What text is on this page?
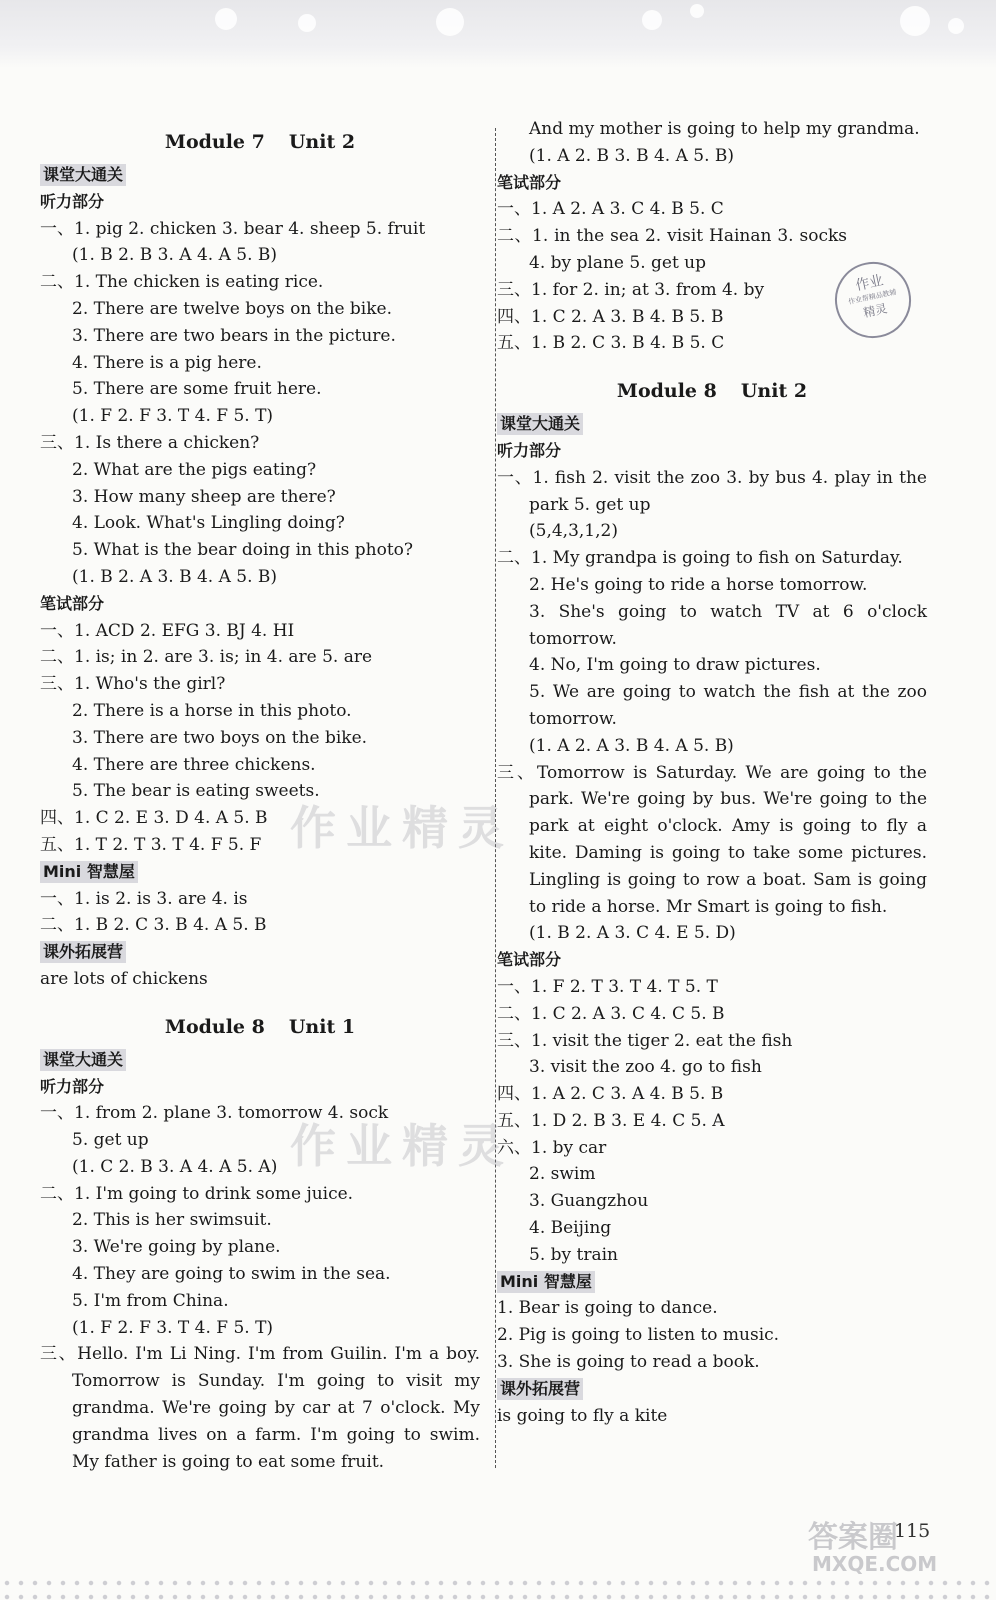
Module 7 Unit 2
课堂大通关
听力部分
一、1. pig 2. chicken 3. bear 4. sheep 5. fruit
(1. B 2. B 3. A 4. A 5. B)
二、1. The chicken is eating rice.
2. There are twelve boys on the bike.
3. There are two bears in the picture.
4. There is a pig here.
5. There are some fruit here.
(1. F 2. F 3. T 4. F 5. T)
三、1. Is there a chicken?
2. What are the pigs eating?
3. How many sheep are there?
4. Look. What's Lingling doing?
5. What is the bear doing in this photo?
(1. B 2. A 3. B 4. A 5. B)
笔试部分
一、1. ACD 2. EFG 3. BJ 4. HI
二、1. is; in 2. are 3. is; in 4. are 5. are
三、1. Who's the girl?
2. There is a horse in this photo.
3. There are two boys on the bike.
4. There are three chickens.
5. The bear is eating sweets.
四、1. C 2. E 3. D 4. A 5. B
五、1. T 2. T 3. T 4. F 5. F
Mini 智慧屋
一、1. is 2. is 3. are 4. is
二、1. B 2. C 3. B 4. A 5. B
课外拓展营
are lots of chickens
Module 8 Unit 1
课堂大通关
听力部分
一、1. from 2. plane 3. tomorrow 4. sock
5. get up
(1. C 2. B 3. A 4. A 5. A)
二、1. I'm going to drink some juice.
2. This is her swimsuit.
3. We're going by plane.
4. They are going to swim in the sea.
5. I'm from China.
(1. F 2. F 3. T 4. F 5. T)
三、Hello. I'm Li Ning. I'm from Guilin. I'm a boy. Tomorrow is Sunday. I'm going to visit my grandma. We're going by car at 7 o'clock. My grandma lives on a farm. I'm going to swim. My father is going to eat some fruit.
And my mother is going to help my grandma.
(1. A 2. B 3. B 4. A 5. B)
笔试部分
一、1. A 2. A 3. C 4. B 5. C
二、1. in the sea 2. visit Hainan 3. socks 4. by plane 5. get up
三、1. for 2. in; at 3. from 4. by
四、1. C 2. A 3. B 4. B 5. B
五、1. B 2. C 3. B 4. B 5. C
Module 8 Unit 2
课堂大通关
听力部分
一、1. fish 2. visit the zoo 3. by bus 4. play in the park 5. get up
(5,4,3,1,2)
二、1. My grandpa is going to fish on Saturday.
2. He's going to ride a horse tomorrow.
3. She's going to watch TV at 6 o'clock tomorrow.
4. No, I'm going to draw pictures.
5. We are going to watch the fish at the zoo tomorrow.
(1. A 2. A 3. B 4. A 5. B)
三、Tomorrow is Saturday. We are going to the park. We're going by bus. We're going to the park at eight o'clock. Amy is going to fly a kite. Daming is going to take some pictures. Lingling is going to row a boat. Sam is going to ride a horse. Mr Smart is going to fish.
(1. B 2. A 3. C 4. E 5. D)
笔试部分
一、1. F 2. T 3. T 4. T 5. T
二、1. C 2. A 3. C 4. C 5. B
三、1. visit the tiger 2. eat the fish
3. visit the zoo 4. go to fish
四、1. A 2. C 3. A 4. B 5. B
五、1. D 2. B 3. E 4. C 5. A
六、1. by car
2. swim
3. Guangzhou
4. Beijing
5. by train
Mini 智慧屋
1. Bear is going to dance.
2. Pig is going to listen to music.
3. She is going to read a book.
课外拓展营
is going to fly a kite
作业
作业帮精品教辅
精灵
作业精灵
作业精灵
答案圈
MXQE.COM
115
